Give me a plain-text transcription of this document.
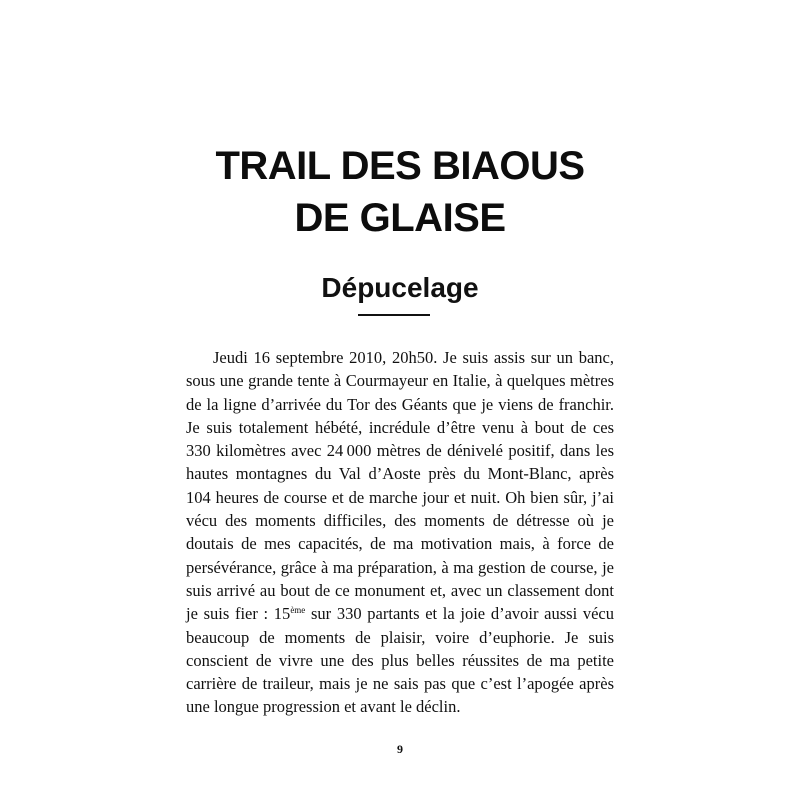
TRAIL DES BIAOUS
DE GLAISE
Dépucelage

Jeudi 16 septembre 2010, 20h50. Je suis assis sur un banc, sous une grande tente à Courmayeur en Italie, à quelques mètres de la ligne d’arrivée du Tor des Géants que je viens de franchir. Je suis totalement hébété, incrédule d’être venu à bout de ces 330 kilomètres avec 24 000 mètres de dénivelé positif, dans les hautes montagnes du Val d’Aoste près du Mont-Blanc, après 104 heures de course et de marche jour et nuit. Oh bien sûr, j’ai vécu des moments difficiles, des moments de détresse où je doutais de mes capacités, de ma motivation mais, à force de persévérance, grâce à ma préparation, à ma gestion de course, je suis arrivé au bout de ce monument et, avec un classement dont je suis fier : 15ème sur 330 partants et la joie d’avoir aussi vécu beaucoup de moments de plaisir, voire d’euphorie. Je suis conscient de vivre une des plus belles réussites de ma petite carrière de traileur, mais je ne sais pas que c’est l’apogée après une longue progression et avant le déclin.

9
